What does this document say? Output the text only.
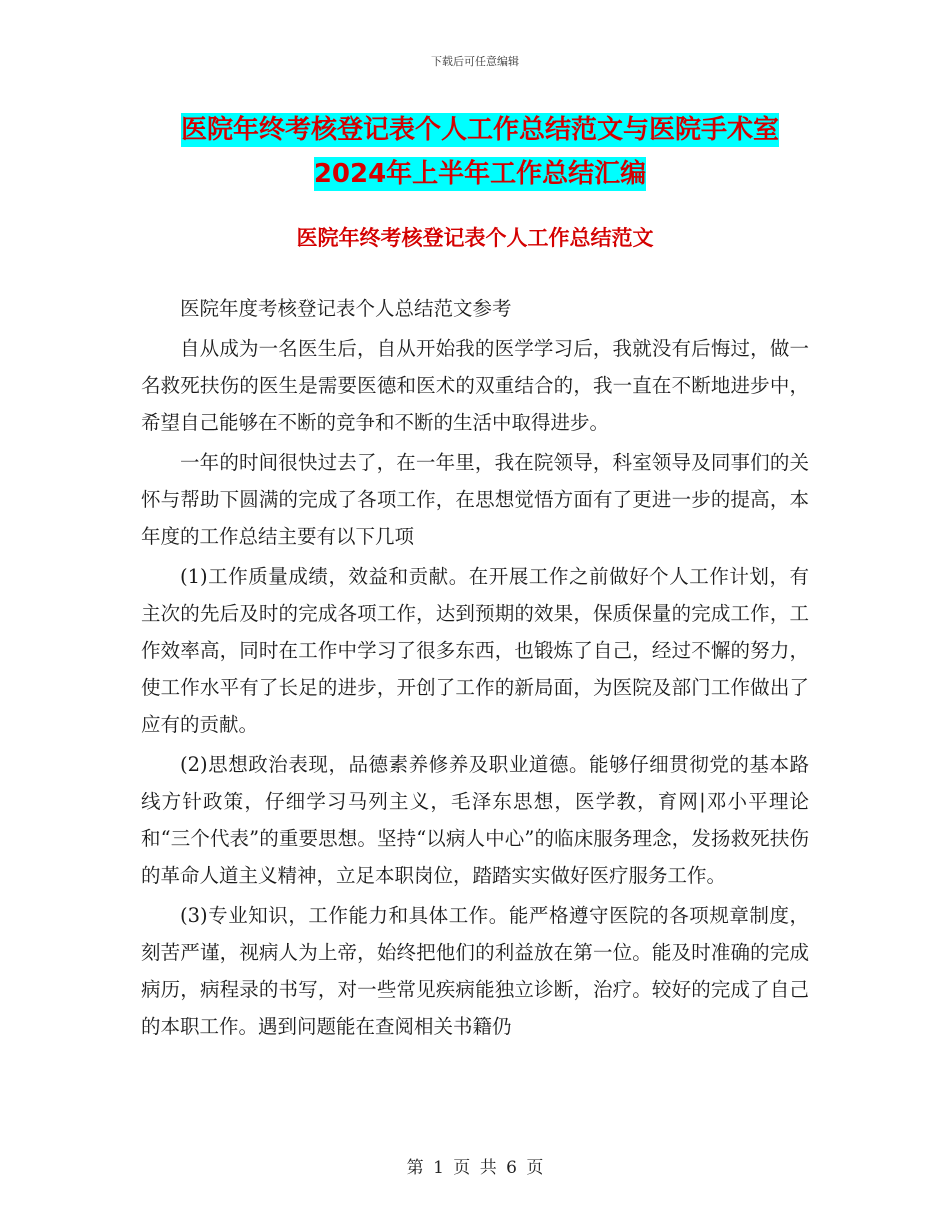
下载后可任意编辑
医院年终考核登记表个人工作总结范文与医院手术室
2024年上半年工作总结汇编
医院年终考核登记表个人工作总结范文

医院年度考核登记表个人总结范文参考

自从成为一名医生后，自从开始我的医学学习后，我就没有后悔过，做一名救死扶伤的医生是需要医德和医术的双重结合的，我一直在不断地进步中，希望自己能够在不断的竞争和不断的生活中取得进步。

一年的时间很快过去了，在一年里，我在院领导，科室领导及同事们的关怀与帮助下圆满的完成了各项工作，在思想觉悟方面有了更进一步的提高，本年度的工作总结主要有以下几项

(1)工作质量成绩，效益和贡献。在开展工作之前做好个人工作计划，有主次的先后及时的完成各项工作，达到预期的效果，保质保量的完成工作，工作效率高，同时在工作中学习了很多东西，也锻炼了自己，经过不懈的努力，使工作水平有了长足的进步，开创了工作的新局面，为医院及部门工作做出了应有的贡献。

(2)思想政治表现，品德素养修养及职业道德。能够仔细贯彻党的基本路线方针政策，仔细学习马列主义，毛泽东思想，医学教，育网|邓小平理论和“三个代表”的重要思想。坚持“以病人中心”的临床服务理念，发扬救死扶伤的革命人道主义精神，立足本职岗位，踏踏实实做好医疗服务工作。

(3)专业知识，工作能力和具体工作。能严格遵守医院的各项规章制度，刻苦严谨，视病人为上帝，始终把他们的利益放在第一位。能及时准确的完成病历，病程录的书写，对一些常见疾病能独立诊断，治疗。较好的完成了自己的本职工作。遇到问题能在查阅相关书籍仍

第 1 页 共 6 页
